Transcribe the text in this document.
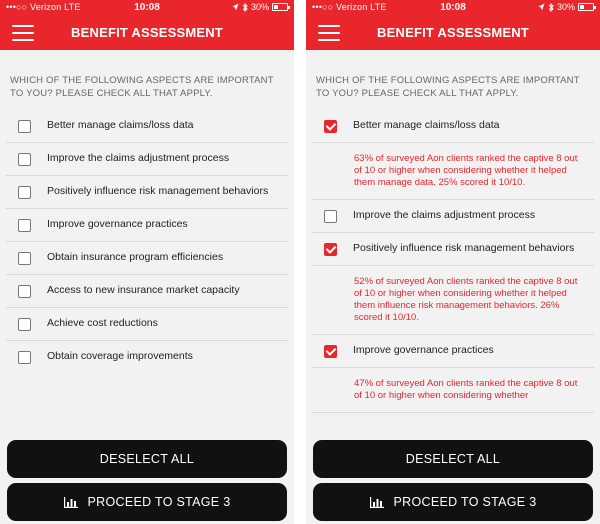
•••○○ Verizon LTE	10:08	30%
BENEFIT ASSESSMENT
WHICH OF THE FOLLOWING ASPECTS ARE IMPORTANT TO YOU? PLEASE CHECK ALL THAT APPLY.
Better manage claims/loss data
Improve the claims adjustment process
Positively influence risk management behaviors
Improve governance practices
Obtain insurance program efficiencies
Access to new insurance market capacity
Achieve cost reductions
Obtain coverage improvements
DESELECT ALL
PROCEED TO STAGE 3
•••○○ Verizon LTE	10:08	30%
BENEFIT ASSESSMENT
WHICH OF THE FOLLOWING ASPECTS ARE IMPORTANT TO YOU? PLEASE CHECK ALL THAT APPLY.
Better manage claims/loss data
63% of surveyed Aon clients ranked the captive 8 out of 10 or higher when considering whether it helped them manage data. 25% scored it 10/10.
Improve the claims adjustment process
Positively influence risk management behaviors
52% of surveyed Aon clients ranked the captive 8 out of 10 or higher when considering whether it helped them influence risk management behaviors. 26% scored it 10/10.
Improve governance practices
47% of surveyed Aon clients ranked the captive 8 out of 10 or higher when considering whether
DESELECT ALL
PROCEED TO STAGE 3
